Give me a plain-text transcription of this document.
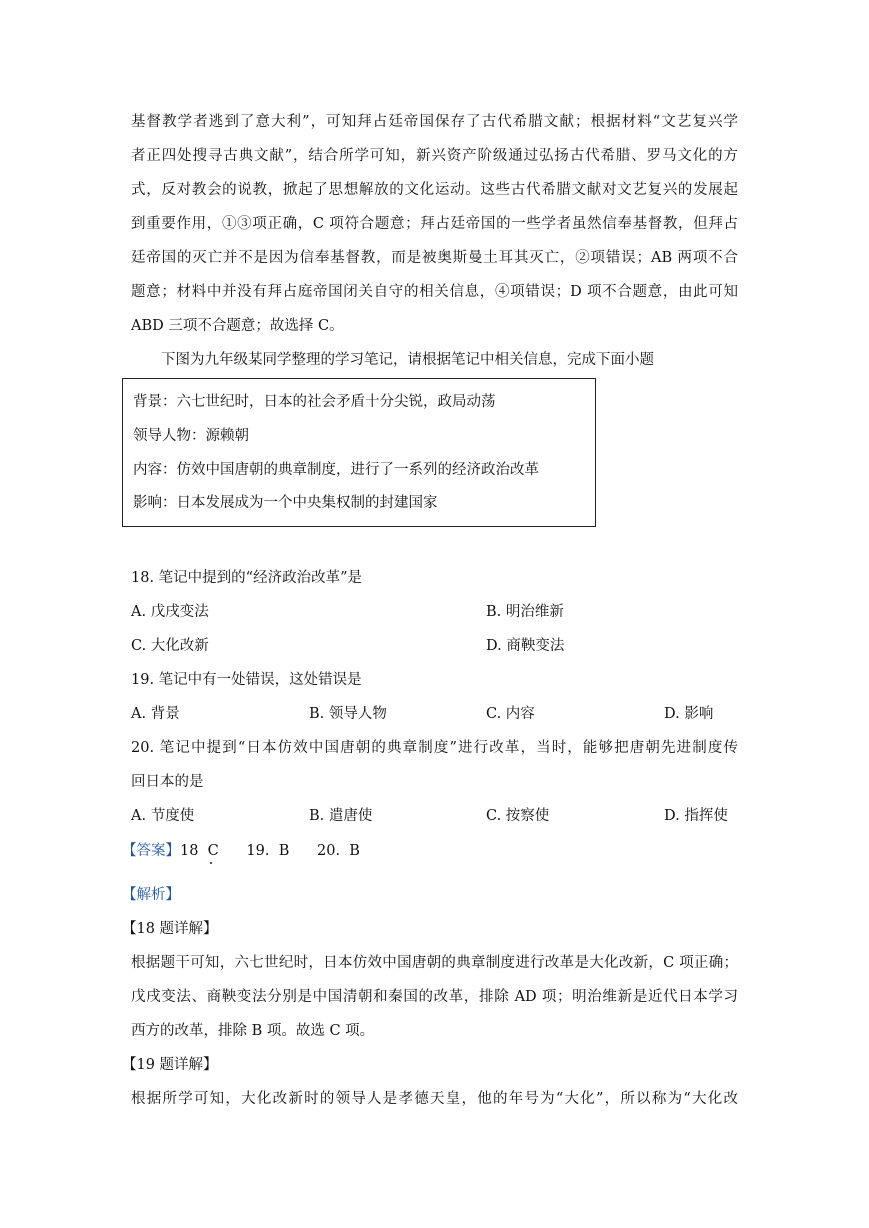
基督教学者逃到了意大利”，可知拜占廷帝国保存了古代希腊文献；根据材料“文艺复兴学
者正四处搜寻古典文献”，结合所学可知，新兴资产阶级通过弘扬古代希腊、罗马文化的方
式，反对教会的说教，掀起了思想解放的文化运动。这些古代希腊文献对文艺复兴的发展起
到重要作用，①③项正确，C 项符合题意；拜占廷帝国的一些学者虽然信奉基督教，但拜占
廷帝国的灭亡并不是因为信奉基督教，而是被奥斯曼土耳其灭亡，②项错误；AB 两项不合
题意；材料中并没有拜占庭帝国闭关自守的相关信息，④项错误；D 项不合题意，由此可知
ABD 三项不合题意；故选择 C。
下图为九年级某同学整理的学习笔记，请根据笔记中相关信息，完成下面小题
背景：六七世纪时，日本的社会矛盾十分尖锐，政局动荡
领导人物：源赖朝
内容：仿效中国唐朝的典章制度，进行了一系列的经济政治改革
影响：日本发展成为一个中央集权制的封建国家
18. 笔记中提到的“经济政治改革”是
A. 戊戌变法	B. 明治维新
C. 大化改新	D. 商鞅变法
19. 笔记中有一处错误，这处错误是
A. 背景	B. 领导人物	C. 内容	D. 影响
20. 笔记中提到“日本仿效中国唐朝的典章制度”进行改革，当时，能够把唐朝先进制度传
回日本的是
A. 节度使	B. 遣唐使	C. 按察使	D. 指挥使
【答案】18  C      19.  B      20.  B
【解析】
【18 题详解】
根据题干可知，六七世纪时，日本仿效中国唐朝的典章制度进行改革是大化改新，C 项正确；
戊戌变法、商鞅变法分别是中国清朝和秦国的改革，排除 AD 项；明治维新是近代日本学习
西方的改革，排除 B 项。故选 C 项。
【19 题详解】
根据所学可知，大化改新时的领导人是孝德天皇，他的年号为“大化”，所以称为“大化改
